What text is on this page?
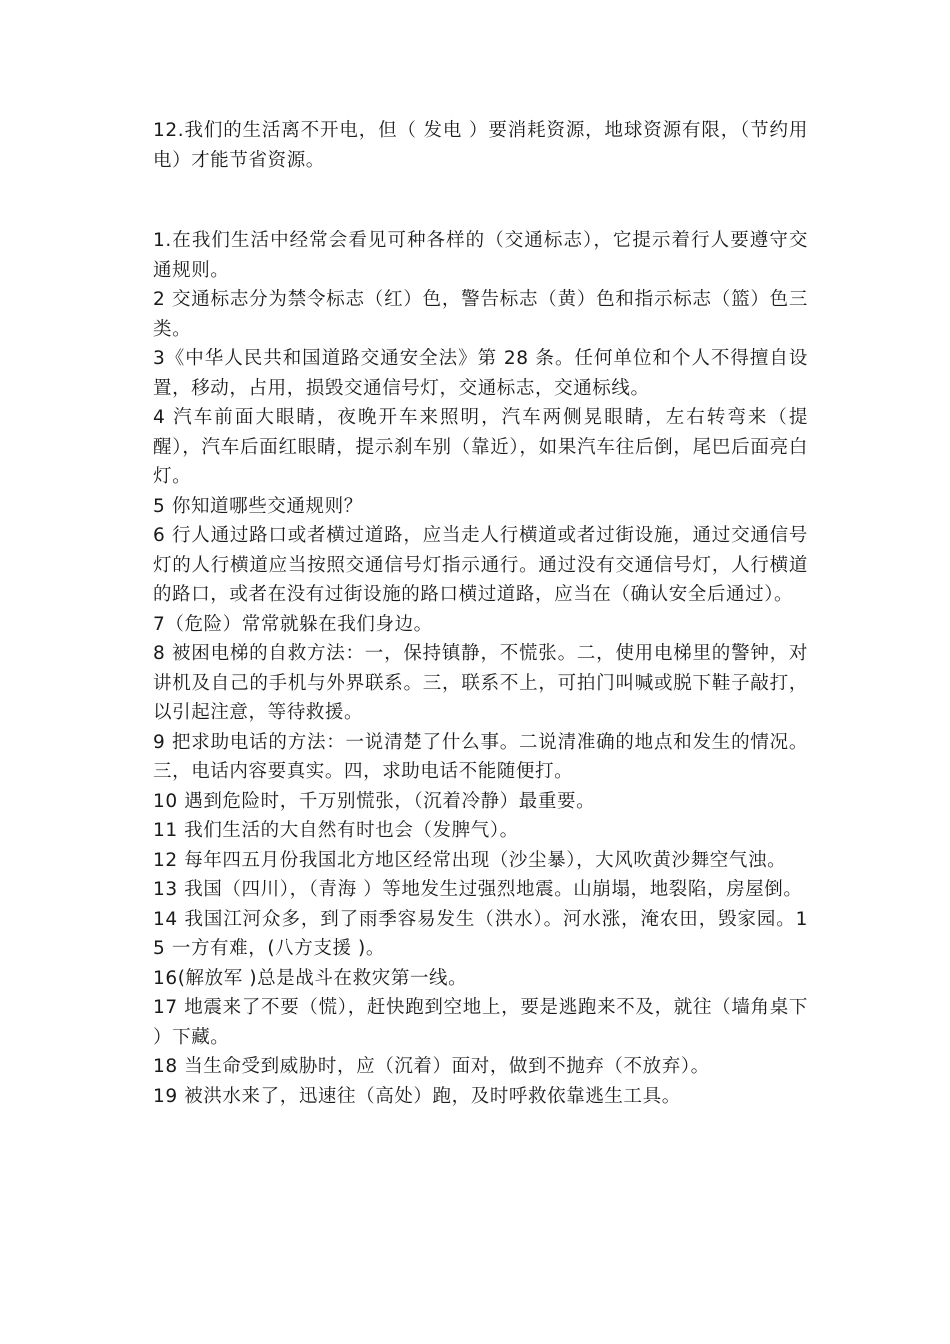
12.我们的生活离不开电，但（ 发电 ）要消耗资源，地球资源有限，（节约用电）才能节省资源。

1.在我们生活中经常会看见可种各样的（交通标志），它提示着行人要遵守交通规则。

2 交通标志分为禁令标志（红）色，警告标志（黄）色和指示标志（篮）色三类。

3《中华人民共和国道路交通安全法》第 28 条。任何单位和个人不得擅自设置，移动，占用，损毁交通信号灯，交通标志，交通标线。

4 汽车前面大眼睛，夜晚开车来照明，汽车两侧晃眼睛，左右转弯来（提醒），汽车后面红眼睛，提示刹车别（靠近），如果汽车往后倒，尾巴后面亮白灯。

5 你知道哪些交通规则？

6 行人通过路口或者横过道路，应当走人行横道或者过街设施，通过交通信号灯的人行横道应当按照交通信号灯指示通行。通过没有交通信号灯，人行横道的路口，或者在没有过街设施的路口横过道路，应当在（确认安全后通过）。

7（危险）常常就躲在我们身边。

8 被困电梯的自救方法：一，保持镇静，不慌张。二，使用电梯里的警钟，对讲机及自己的手机与外界联系。三，联系不上，可拍门叫喊或脱下鞋子敲打，以引起注意，等待救援。

9 把求助电话的方法：一说清楚了什么事。二说清准确的地点和发生的情况。三，电话内容要真实。四，求助电话不能随便打。

10 遇到危险时，千万别慌张，（沉着冷静）最重要。

11 我们生活的大自然有时也会（发脾气）。

12 每年四五月份我国北方地区经常出现（沙尘暴），大风吹黄沙舞空气浊。

13 我国（四川），（青海 ）等地发生过强烈地震。山崩塌，地裂陷，房屋倒。

14 我国江河众多，到了雨季容易发生（洪水）。河水涨，淹农田，毁家园。15 一方有难，(八方支援 )。

16(解放军 )总是战斗在救灾第一线。

17 地震来了不要（慌），赶快跑到空地上，要是逃跑来不及，就往（墙角桌下 ）下藏。

18 当生命受到威胁时，应（沉着）面对，做到不抛弃（不放弃）。

19 被洪水来了，迅速往（高处）跑，及时呼救依靠逃生工具。
